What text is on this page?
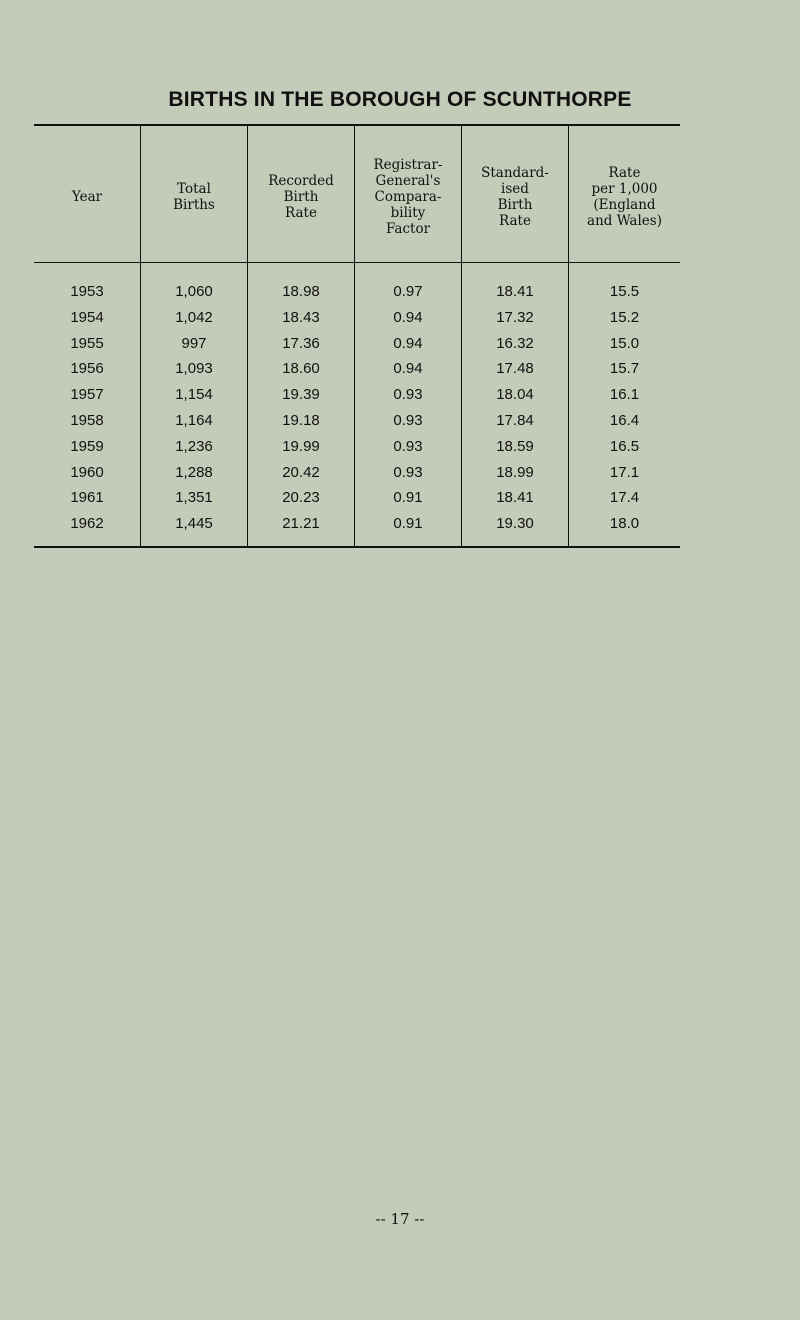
BIRTHS IN THE BOROUGH OF SCUNTHORPE
Year
1953
1954
1955
1956
1957
1958
1959
1960
1961
1962
Total
Births
1,060
1,042
997
1,093
1,154
1,164
1,236
1,288
1,351
1,445
Recorded
Birth
Rate
18.98
18.43
17.36
18.60
19.39
19.18
19.99
20.42
20.23
21.21
Registrar-
General's
Compara-
bility
Factor
0.97
0.94
0.94
0.94
0.93
0.93
0.93
0.93
0.91
0.91
Standard-
ised
Birth
Rate
18.41
17.32
16.32
17.48
18.04
17.84
18.59
18.99
18.41
19.30
Rate
per 1,000
(England
and Wales)
15.5
15.2
15.0
15.7
16.1
16.4
16.5
17.1
17.4
18.0
-- 17 --
